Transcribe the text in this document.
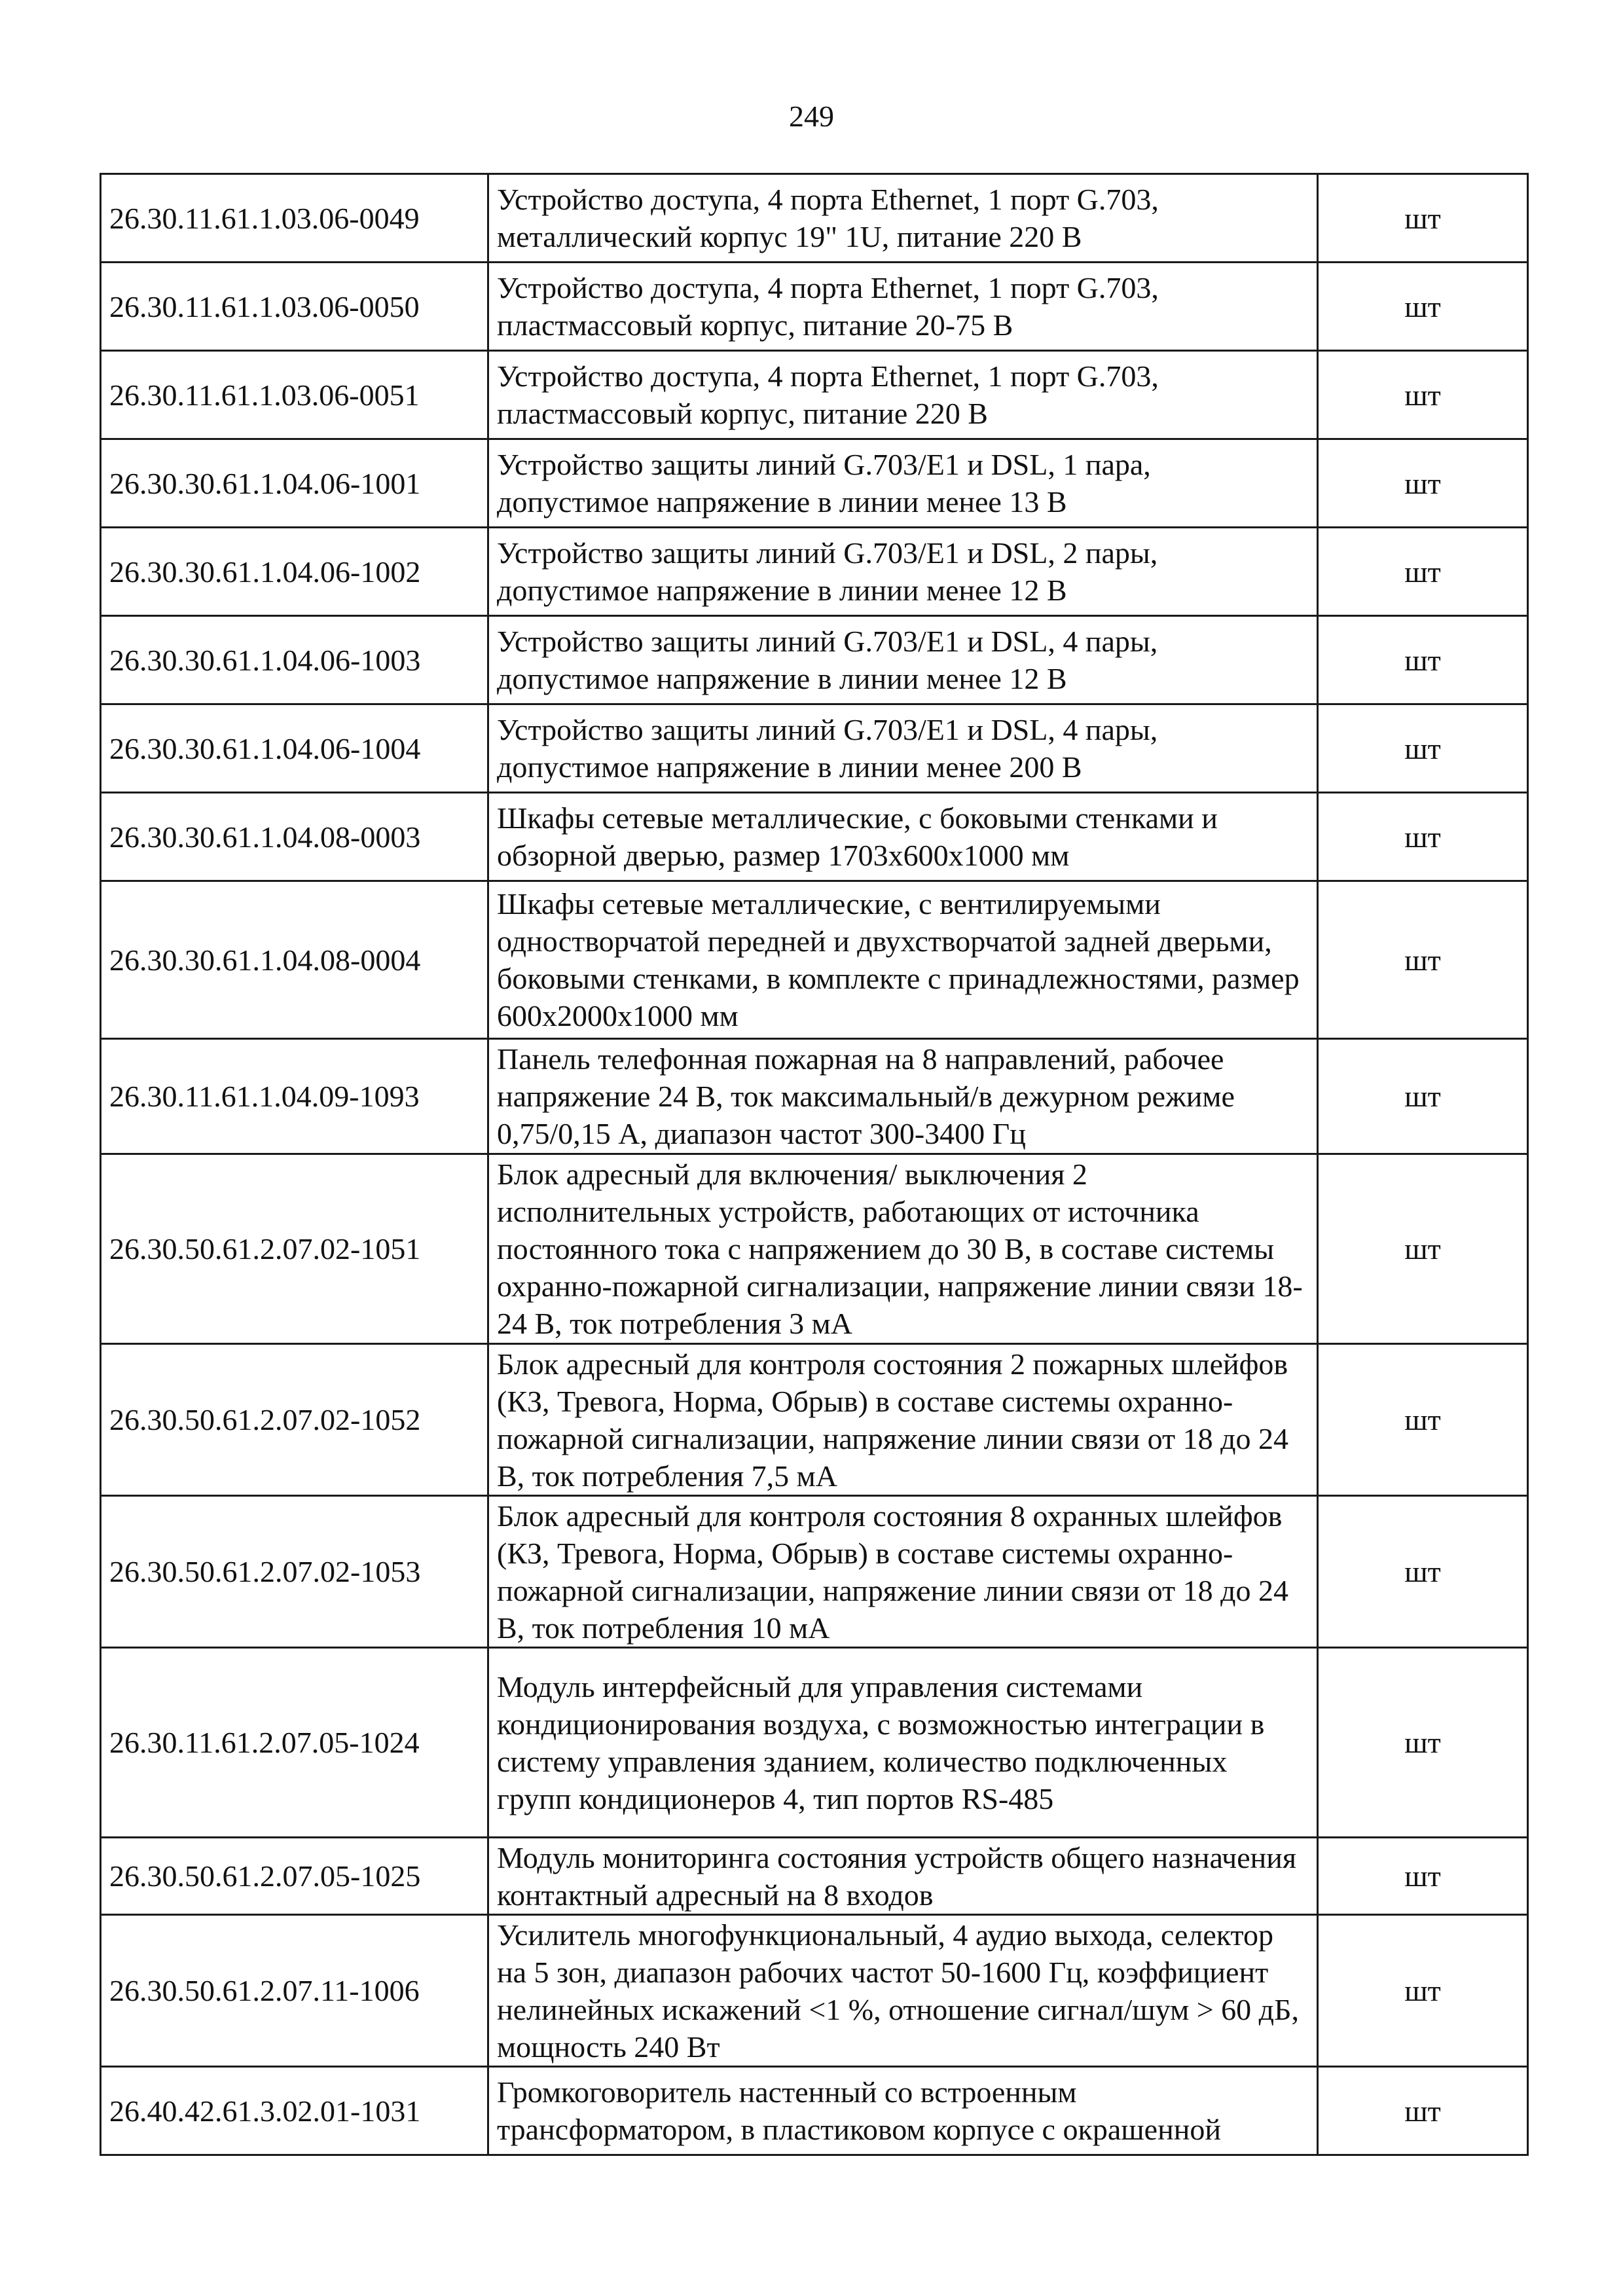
249
26.30.11.61.1.03.06-0049	Устройство доступа, 4 порта Ethernet, 1 порт G.703, металлический корпус 19" 1U, питание 220 В	шт
26.30.11.61.1.03.06-0050	Устройство доступа, 4 порта Ethernet, 1 порт G.703, пластмассовый корпус, питание 20-75 В	шт
26.30.11.61.1.03.06-0051	Устройство доступа, 4 порта Ethernet, 1 порт G.703, пластмассовый корпус, питание 220 В	шт
26.30.30.61.1.04.06-1001	Устройство защиты линий G.703/E1 и DSL, 1 пара, допустимое напряжение в линии менее 13 В	шт
26.30.30.61.1.04.06-1002	Устройство защиты линий G.703/E1 и DSL, 2 пары, допустимое напряжение в линии менее 12 В	шт
26.30.30.61.1.04.06-1003	Устройство защиты линий G.703/E1 и DSL, 4 пары, допустимое напряжение в линии менее 12 В	шт
26.30.30.61.1.04.06-1004	Устройство защиты линий G.703/E1 и DSL, 4 пары, допустимое напряжение в линии менее 200 В	шт
26.30.30.61.1.04.08-0003	Шкафы сетевые металлические, с боковыми стенками и обзорной дверью, размер 1703x600x1000 мм	шт
26.30.30.61.1.04.08-0004	Шкафы сетевые металлические, с вентилируемыми одностворчатой передней и двухстворчатой задней дверьми, боковыми стенками, в комплекте с принадлежностями, размер 600x2000x1000 мм	шт
26.30.11.61.1.04.09-1093	Панель телефонная пожарная на 8 направлений, рабочее напряжение 24 В, ток максимальный/в дежурном режиме 0,75/0,15 А, диапазон частот 300-3400 Гц	шт
26.30.50.61.2.07.02-1051	Блок адресный для включения/ выключения 2 исполнительных устройств, работающих от источника постоянного тока с напряжением до 30 В, в составе системы охранно-пожарной сигнализации, напряжение линии связи 18-24 В, ток потребления 3 мА	шт
26.30.50.61.2.07.02-1052	Блок адресный для контроля состояния 2 пожарных шлейфов (КЗ, Тревога, Норма, Обрыв) в составе системы охранно-пожарной сигнализации, напряжение линии связи от 18 до 24 В, ток потребления 7,5 мА	шт
26.30.50.61.2.07.02-1053	Блок адресный для контроля состояния 8 охранных шлейфов (КЗ, Тревога, Норма, Обрыв) в составе системы охранно-пожарной сигнализации, напряжение линии связи от 18 до 24 В, ток потребления 10 мА	шт
26.30.11.61.2.07.05-1024	Модуль интерфейсный для управления системами кондиционирования воздуха, с возможностью интеграции в систему управления зданием, количество подключенных групп кондиционеров 4, тип портов RS-485	шт
26.30.50.61.2.07.05-1025	Модуль мониторинга состояния устройств общего назначения контактный адресный на 8 входов	шт
26.30.50.61.2.07.11-1006	Усилитель многофункциональный, 4 аудио выхода, селектор на 5 зон, диапазон рабочих частот 50-1600 Гц, коэффициент нелинейных искажений <1 %, отношение сигнал/шум > 60 дБ, мощность 240 Вт	шт
26.40.42.61.3.02.01-1031	Громкоговоритель настенный со встроенным трансформатором, в пластиковом корпусе с окрашенной	шт
